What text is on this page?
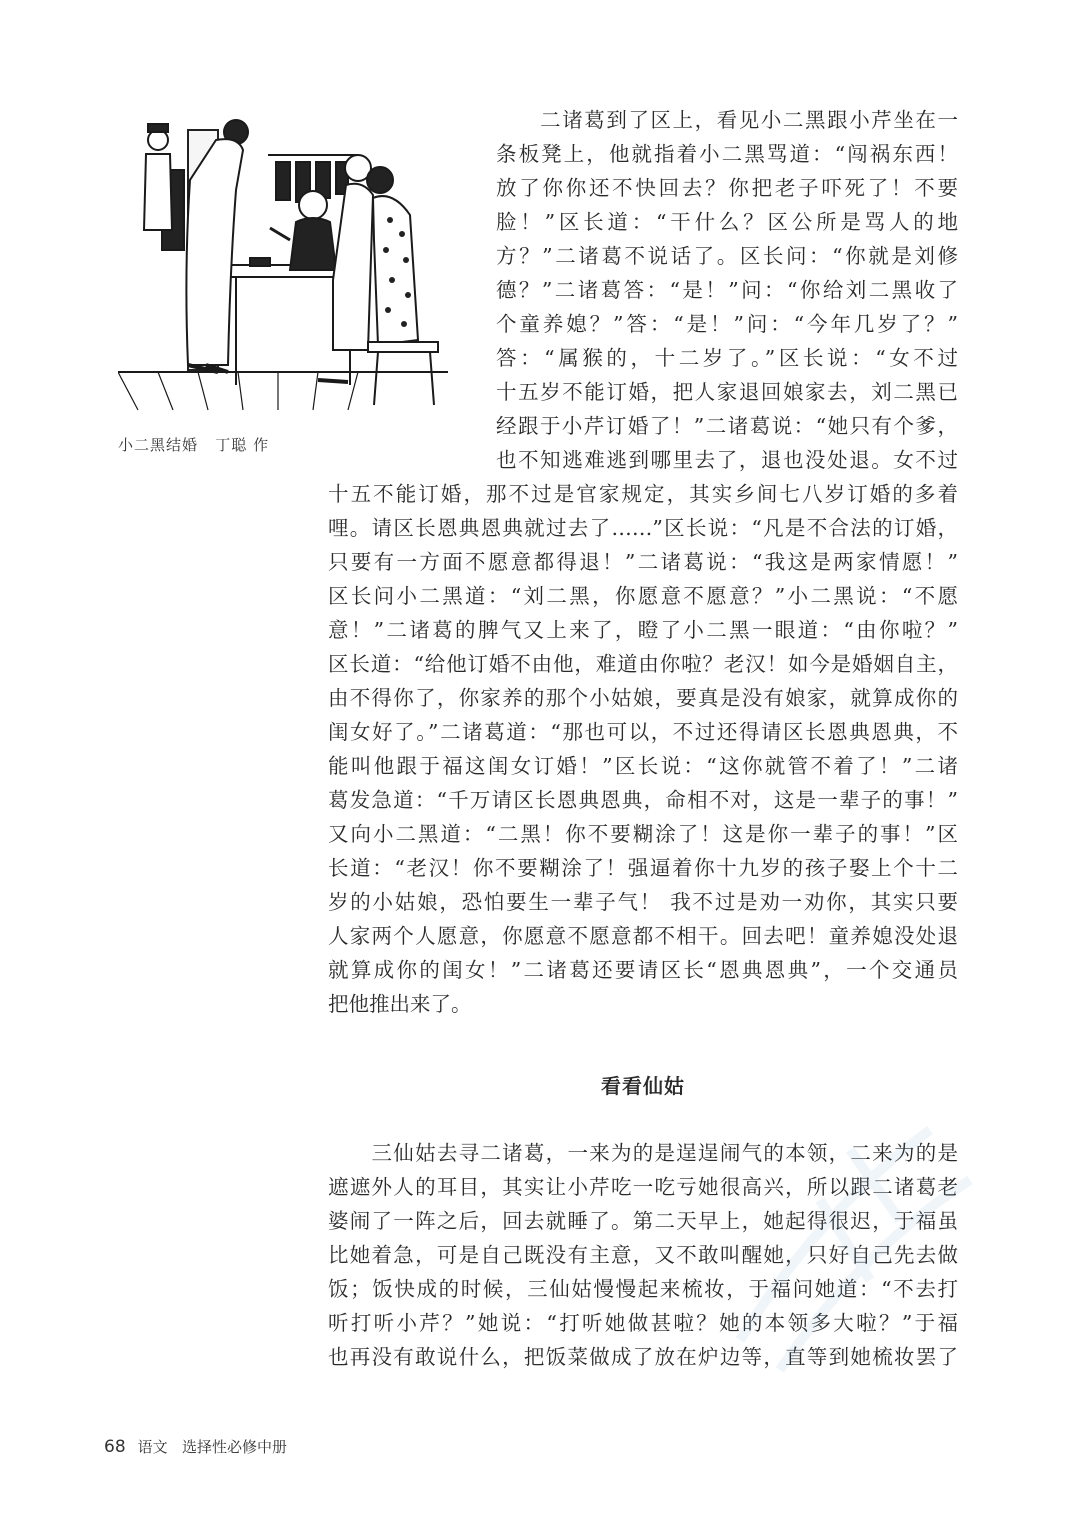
小二黑结婚   丁聪 作

　　二诸葛到了区上，看见小二黑跟小芹坐在一

条板凳上，他就指着小二黑骂道：“闯祸东西！

放了你你还不快回去？你把老子吓死了！不要

脸！”区长道：“干什么？区公所是骂人的地

方？”二诸葛不说话了。区长问：“你就是刘修

德？”二诸葛答：“是！”问：“你给刘二黑收了

个童养媳？”答：“是！”问：“今年几岁了？”

答：“属猴的，十二岁了。”区长说：“女不过

十五岁不能订婚，把人家退回娘家去，刘二黑已

经跟于小芹订婚了！”二诸葛说：“她只有个爹，

也不知逃难逃到哪里去了，退也没处退。女不过

十五不能订婚，那不过是官家规定，其实乡间七八岁订婚的多着

哩。请区长恩典恩典就过去了……”区长说：“凡是不合法的订婚，

只要有一方面不愿意都得退！”二诸葛说：“我这是两家情愿！”

区长问小二黑道：“刘二黑，你愿意不愿意？”小二黑说：“不愿

意！”二诸葛的脾气又上来了，瞪了小二黑一眼道：“由你啦？”

区长道：“给他订婚不由他，难道由你啦？老汉！如今是婚姻自主，

由不得你了，你家养的那个小姑娘，要真是没有娘家，就算成你的

闺女好了。”二诸葛道：“那也可以，不过还得请区长恩典恩典，不

能叫他跟于福这闺女订婚！”区长说：“这你就管不着了！”二诸

葛发急道：“千万请区长恩典恩典，命相不对，这是一辈子的事！”

又向小二黑道：“二黑！你不要糊涂了！这是你一辈子的事！”区

长道：“老汉！你不要糊涂了！强逼着你十九岁的孩子娶上个十二

岁的小姑娘，恐怕要生一辈子气！ 我不过是劝一劝你，其实只要

人家两个人愿意，你愿意不愿意都不相干。回去吧！童养媳没处退

就算成你的闺女！”二诸葛还要请区长“恩典恩典”，一个交通员

把他推出来了。

看看仙姑

　　三仙姑去寻二诸葛，一来为的是逞逞闹气的本领，二来为的是

遮遮外人的耳目，其实让小芹吃一吃亏她很高兴，所以跟二诸葛老

婆闹了一阵之后，回去就睡了。第二天早上，她起得很迟，于福虽

比她着急，可是自己既没有主意，又不敢叫醒她，只好自己先去做

饭；饭快成的时候，三仙姑慢慢起来梳妆，于福问她道：“不去打

听打听小芹？”她说：“打听她做甚啦？她的本领多大啦？”于福

也再没有敢说什么，把饭菜做成了放在炉边等，直等到她梳妆罢了

68 语文   选择性必修中册
